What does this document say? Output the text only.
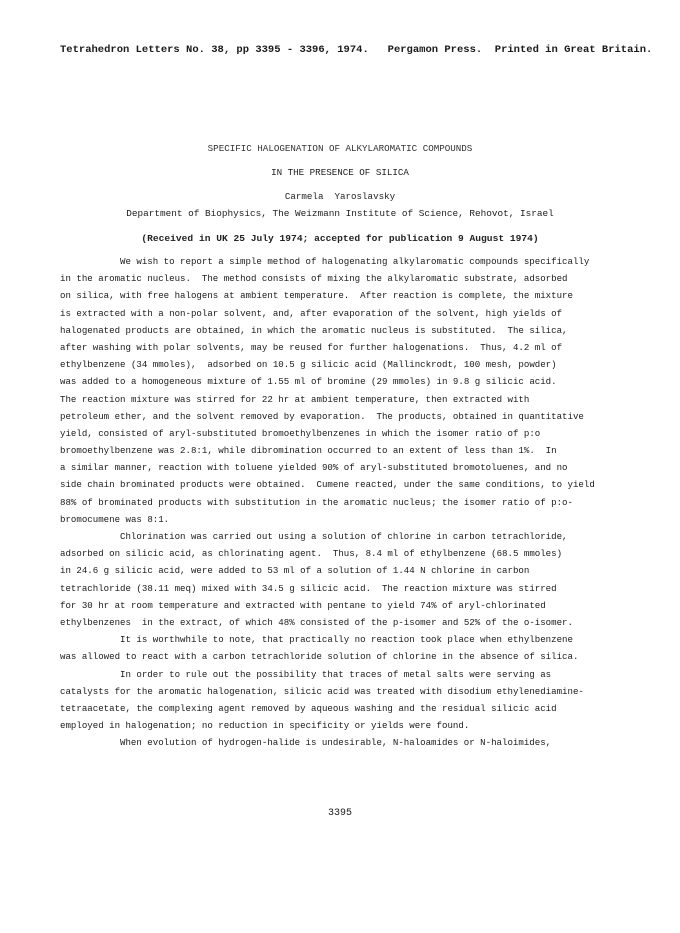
Tetrahedron Letters No. 38, pp 3395 - 3396, 1974.   Pergamon Press.  Printed in Great Britain.
SPECIFIC HALOGENATION OF ALKYLAROMATIC COMPOUNDS
IN THE PRESENCE OF SILICA
Carmela  Yaroslavsky
Department of Biophysics, The Weizmann Institute of Science, Rehovot, Israel
(Received in UK 25 July 1974; accepted for publication 9 August 1974)
We wish to report a simple method of halogenating alkylaromatic compounds specifically
in the aromatic nucleus.  The method consists of mixing the alkylaromatic substrate, adsorbed
on silica, with free halogens at ambient temperature.  After reaction is complete, the mixture
is extracted with a non-polar solvent, and, after evaporation of the solvent, high yields of
halogenated products are obtained, in which the aromatic nucleus is substituted.  The silica,
after washing with polar solvents, may be reused for further halogenations.  Thus, 4.2 ml of
ethylbenzene (34 mmoles),  adsorbed on 10.5 g silicic acid (Mallinckrodt, 100 mesh, powder)
was added to a homogeneous mixture of 1.55 ml of bromine (29 mmoles) in 9.8 g silicic acid.
The reaction mixture was stirred for 22 hr at ambient temperature, then extracted with
petroleum ether, and the solvent removed by evaporation.  The products, obtained in quantitative
yield, consisted of aryl-substituted bromoethylbenzenes in which the isomer ratio of p:o
bromoethylbenzene was 2.8:1, while dibromination occurred to an extent of less than 1%.  In
a similar manner, reaction with toluene yielded 90% of aryl-substituted bromotoluenes, and no
side chain brominated products were obtained.  Cumene reacted, under the same conditions, to yield
88% of brominated products with substitution in the aromatic nucleus; the isomer ratio of p:o-
bromocumene was 8:1.
Chlorination was carried out using a solution of chlorine in carbon tetrachloride,
adsorbed on silicic acid, as chlorinating agent.  Thus, 8.4 ml of ethylbenzene (68.5 mmoles)
in 24.6 g silicic acid, were added to 53 ml of a solution of 1.44 N chlorine in carbon
tetrachloride (38.11 meq) mixed with 34.5 g silicic acid.  The reaction mixture was stirred
for 30 hr at room temperature and extracted with pentane to yield 74% of aryl-chlorinated
ethylbenzenes  in the extract, of which 48% consisted of the p-isomer and 52% of the o-isomer.
It is worthwhile to note, that practically no reaction took place when ethylbenzene
was allowed to react with a carbon tetrachloride solution of chlorine in the absence of silica.
In order to rule out the possibility that traces of metal salts were serving as
catalysts for the aromatic halogenation, silicic acid was treated with disodium ethylenediamine-
tetraacetate, the complexing agent removed by aqueous washing and the residual silicic acid
employed in halogenation; no reduction in specificity or yields were found.
When evolution of hydrogen-halide is undesirable, N-haloamides or N-haloimides,
3395
